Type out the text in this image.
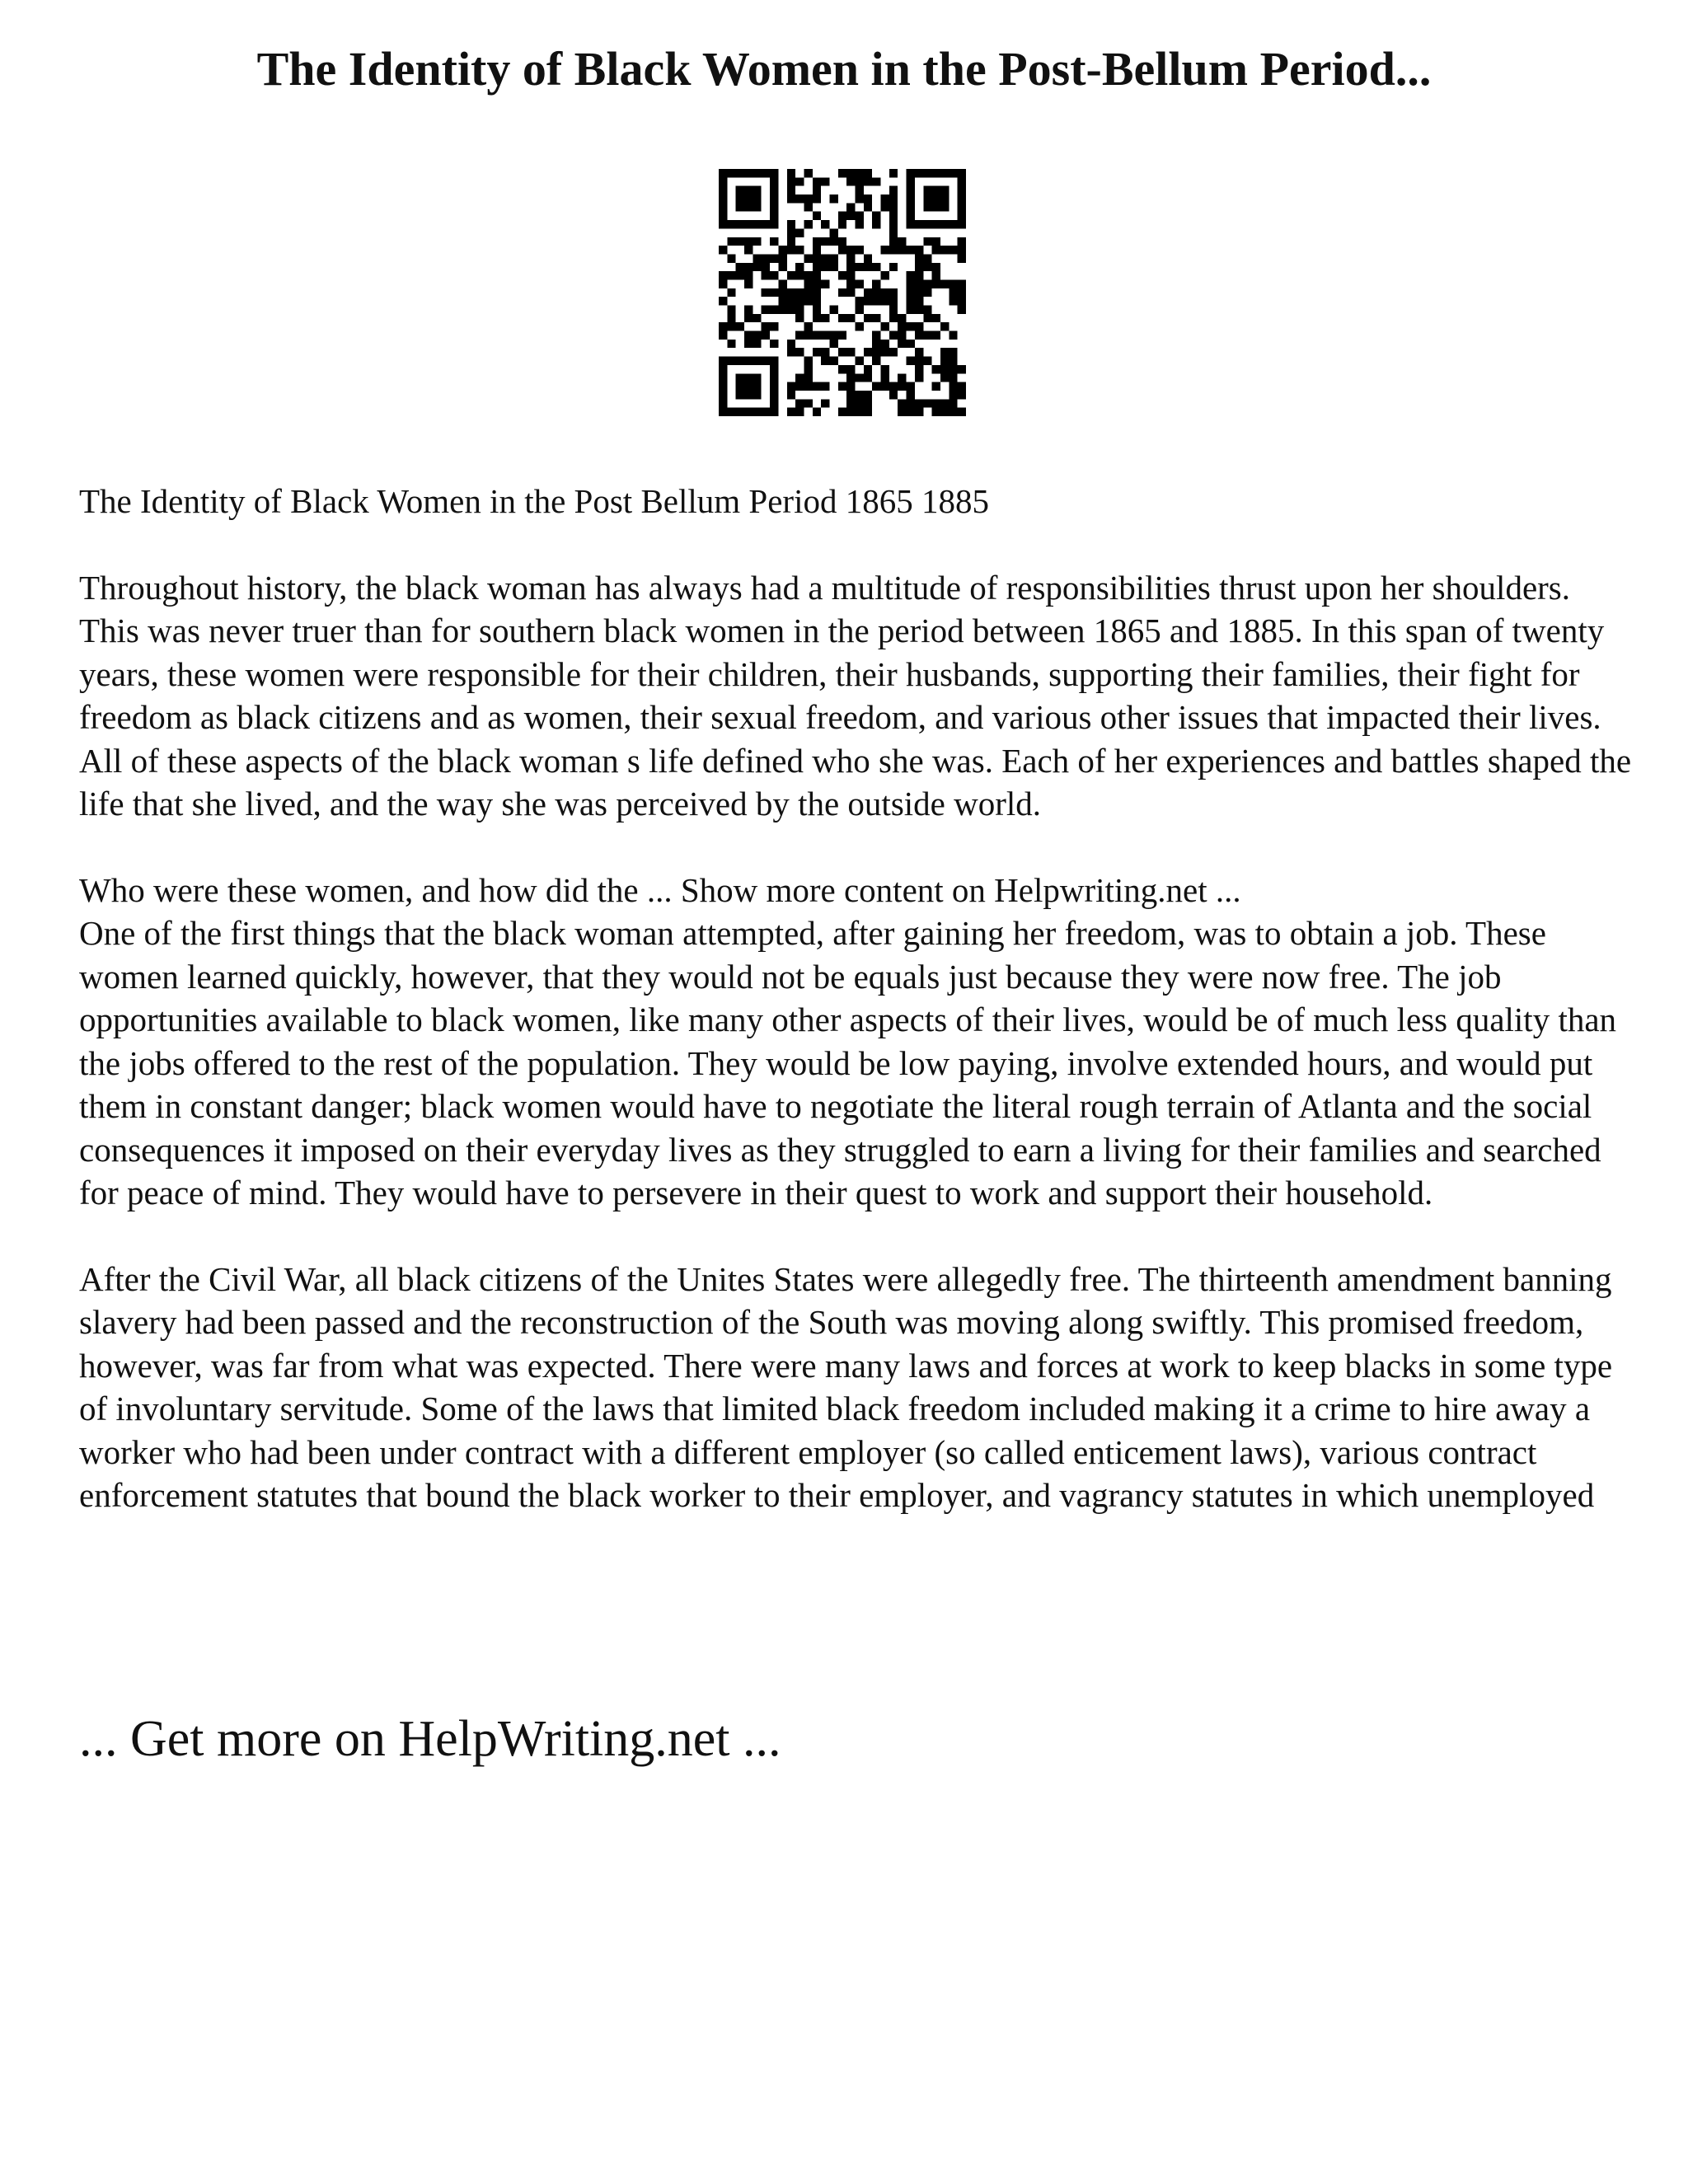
The Identity of Black Women in the Post-Bellum Period...

The Identity of Black Women in the Post Bellum Period 1865 1885

Throughout history, the black woman has always had a multitude of responsibilities thrust upon her shoulders. This was never truer than for southern black women in the period between 1865 and 1885. In this span of twenty years, these women were responsible for their children, their husbands, supporting their families, their fight for freedom as black citizens and as women, their sexual freedom, and various other issues that impacted their lives. All of these aspects of the black woman s life defined who she was. Each of her experiences and battles shaped the life that she lived, and the way she was perceived by the outside world.

Who were these women, and how did the ... Show more content on Helpwriting.net ...

One of the first things that the black woman attempted, after gaining her freedom, was to obtain a job. These women learned quickly, however, that they would not be equals just because they were now free. The job opportunities available to black women, like many other aspects of their lives, would be of much less quality than the jobs offered to the rest of the population. They would be low paying, involve extended hours, and would put them in constant danger; black women would have to negotiate the literal rough terrain of Atlanta and the social consequences it imposed on their everyday lives as they struggled to earn a living for their families and searched for peace of mind. They would have to persevere in their quest to work and support their household.

After the Civil War, all black citizens of the Unites States were allegedly free. The thirteenth amendment banning slavery had been passed and the reconstruction of the South was moving along swiftly. This promised freedom, however, was far from what was expected. There were many laws and forces at work to keep blacks in some type of involuntary servitude. Some of the laws that limited black freedom included making it a crime to hire away a worker who had been under contract with a different employer (so called enticement laws), various contract enforcement statutes that bound the black worker to their employer, and vagrancy statutes in which unemployed

... Get more on HelpWriting.net ...
